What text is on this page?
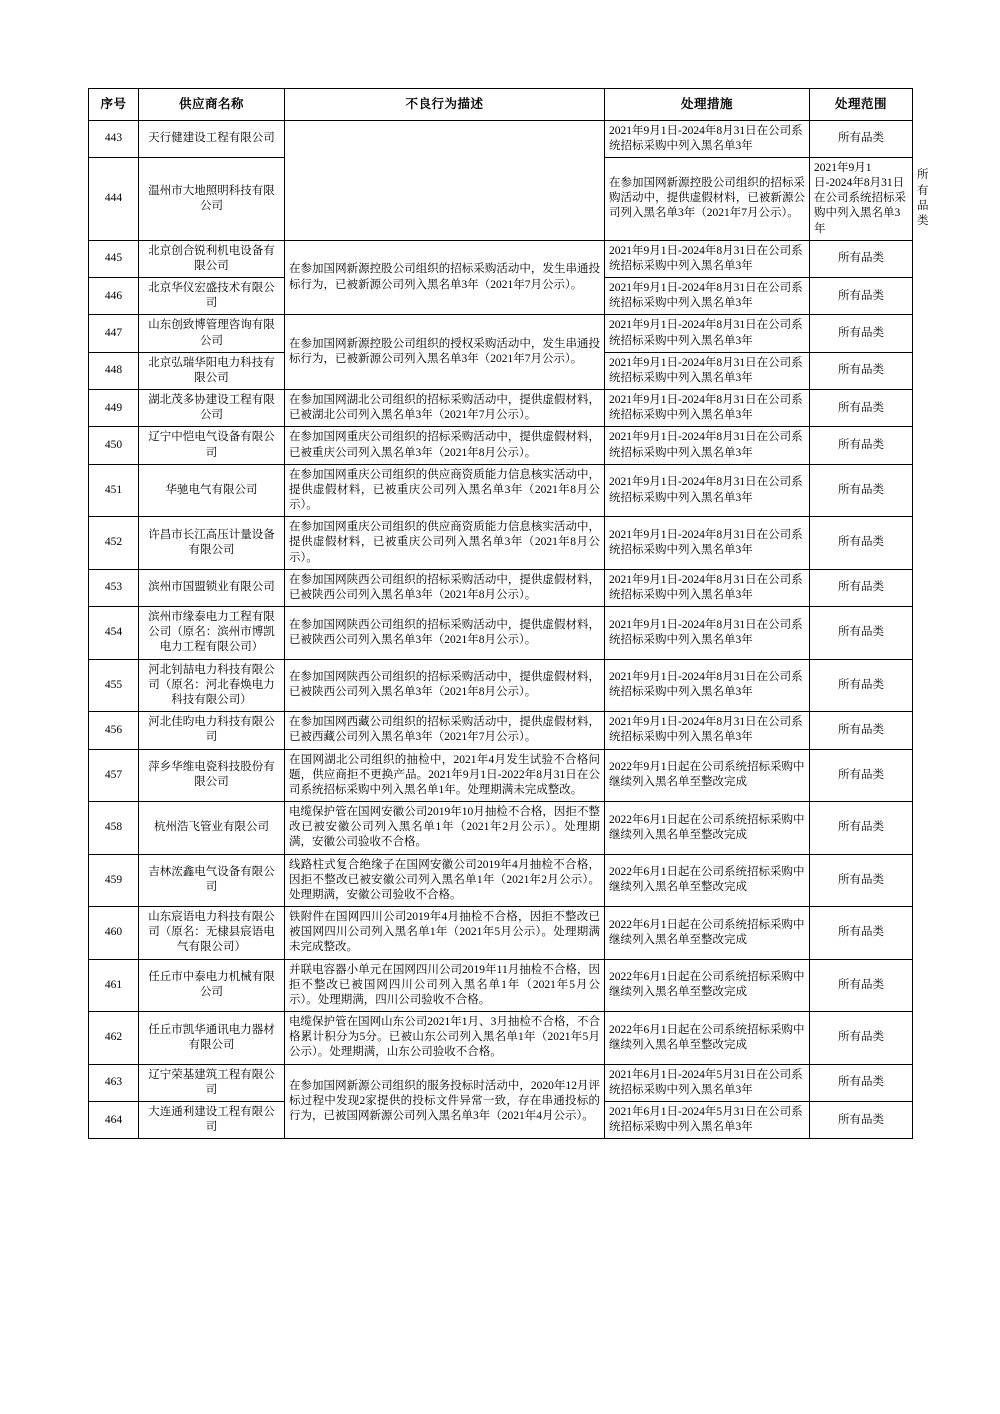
序号	供应商名称	不良行为描述	处理措施	处理范围	
443	天行健建设工程有限公司		2021年9月1日-2024年8月31日在公司系统招标采购中列入黑名单3年	所有品类	
444	温州市大地照明科技有限公司		在参加国网新源控股公司组织的招标采购活动中，提供虚假材料，已被新源公司列入黑名单3年（2021年7月公示）。	2021年9月1日-2024年8月31日在公司系统招标采购中列入黑名单3年	所有品类
445	北京创合锐利机电设备有限公司	在参加国网新源控股公司组织的招标采购活动中，发生串通投标行为，已被新源公司列入黑名单3年（2021年7月公示）。	2021年9月1日-2024年8月31日在公司系统招标采购中列入黑名单3年	所有品类	
446	北京华仪宏盛技术有限公司		2021年9月1日-2024年8月31日在公司系统招标采购中列入黑名单3年	所有品类	
447	山东创致博管理咨询有限公司	在参加国网新源控股公司组织的授权采购活动中，发生串通投标行为，已被新源公司列入黑名单3年（2021年7月公示）。	2021年9月1日-2024年8月31日在公司系统招标采购中列入黑名单3年	所有品类	
448	北京弘瑞华阳电力科技有限公司		2021年9月1日-2024年8月31日在公司系统招标采购中列入黑名单3年	所有品类	
449	湖北茂多协建设工程有限公司	在参加国网湖北公司组织的招标采购活动中，提供虚假材料，已被湖北公司列入黑名单3年（2021年7月公示）。	2021年9月1日-2024年8月31日在公司系统招标采购中列入黑名单3年	所有品类	
450	辽宁中恺电气设备有限公司	在参加国网重庆公司组织的招标采购活动中，提供虚假材料，已被重庆公司列入黑名单3年（2021年8月公示）。	2021年9月1日-2024年8月31日在公司系统招标采购中列入黑名单3年	所有品类	
451	华驰电气有限公司	在参加国网重庆公司组织的供应商资质能力信息核实活动中，提供虚假材料，已被重庆公司列入黑名单3年（2021年8月公示）。	2021年9月1日-2024年8月31日在公司系统招标采购中列入黑名单3年	所有品类	
452	许昌市长江高压计量设备有限公司	在参加国网重庆公司组织的供应商资质能力信息核实活动中，提供虚假材料，已被重庆公司列入黑名单3年（2021年8月公示）。	2021年9月1日-2024年8月31日在公司系统招标采购中列入黑名单3年	所有品类	
453	滨州市国盟锁业有限公司	在参加国网陕西公司组织的招标采购活动中，提供虚假材料，已被陕西公司列入黑名单3年（2021年8月公示）。	2021年9月1日-2024年8月31日在公司系统招标采购中列入黑名单3年	所有品类	
454	滨州市缘泰电力工程有限公司（原名：滨州市博凯电力工程有限公司）	在参加国网陕西公司组织的招标采购活动中，提供虚假材料，已被陕西公司列入黑名单3年（2021年8月公示）。	2021年9月1日-2024年8月31日在公司系统招标采购中列入黑名单3年	所有品类	
455	河北钊喆电力科技有限公司（原名：河北春焕电力科技有限公司）	在参加国网陕西公司组织的招标采购活动中，提供虚假材料，已被陕西公司列入黑名单3年（2021年8月公示）。	2021年9月1日-2024年8月31日在公司系统招标采购中列入黑名单3年	所有品类	
456	河北佳昀电力科技有限公司	在参加国网西藏公司组织的招标采购活动中，提供虚假材料，已被西藏公司列入黑名单3年（2021年7月公示）。	2021年9月1日-2024年8月31日在公司系统招标采购中列入黑名单3年	所有品类	
457	萍乡华维电瓷科技股份有限公司	在国网湖北公司组织的抽检中，2021年4月发生试验不合格问题，供应商拒不更换产品。2021年9月1日-2022年8月31日在公司系统招标采购中列入黑名单1年。处理期满未完成整改。	2022年9月1日起在公司系统招标采购中继续列入黑名单至整改完成	所有品类	
458	杭州浩飞管业有限公司	电缆保护管在国网安徽公司2019年10月抽检不合格，因拒不整改已被安徽公司列入黑名单1年（2021年2月公示）。处理期满，安徽公司验收不合格。	2022年6月1日起在公司系统招标采购中继续列入黑名单至整改完成	所有品类	
459	吉林浤鑫电气设备有限公司	线路柱式复合绝缘子在国网安徽公司2019年4月抽检不合格，因拒不整改已被安徽公司列入黑名单1年（2021年2月公示）。处理期满，安徽公司验收不合格。	2022年6月1日起在公司系统招标采购中继续列入黑名单至整改完成	所有品类	
460	山东宸语电力科技有限公司（原名：无棣县宸语电气有限公司）	铁附件在国网四川公司2019年4月抽检不合格，因拒不整改已被国网四川公司列入黑名单1年（2021年5月公示）。处理期满未完成整改。	2022年6月1日起在公司系统招标采购中继续列入黑名单至整改完成	所有品类	
461	任丘市中泰电力机械有限公司	并联电容器小单元在国网四川公司2019年11月抽检不合格，因拒不整改已被国网四川公司列入黑名单1年（2021年5月公示）。处理期满，四川公司验收不合格。	2022年6月1日起在公司系统招标采购中继续列入黑名单至整改完成	所有品类	
462	任丘市凯华通讯电力器材有限公司	电缆保护管在国网山东公司2021年1月、3月抽检不合格，不合格累计积分为5分。已被山东公司列入黑名单1年（2021年5月公示）。处理期满，山东公司验收不合格。	2022年6月1日起在公司系统招标采购中继续列入黑名单至整改完成	所有品类	
463	辽宁荣基建筑工程有限公司	在参加国网新源公司组织的服务投标时活动中，2020年12月评标过程中发现2家提供的投标文件异常一致，存在串通投标的行为，已被国网新源公司列入黑名单3年（2021年4月公示）。	2021年6月1日-2024年5月31日在公司系统招标采购中列入黑名单3年	所有品类	
464	大连通利建设工程有限公司		2021年6月1日-2024年5月31日在公司系统招标采购中列入黑名单3年	所有品类	
